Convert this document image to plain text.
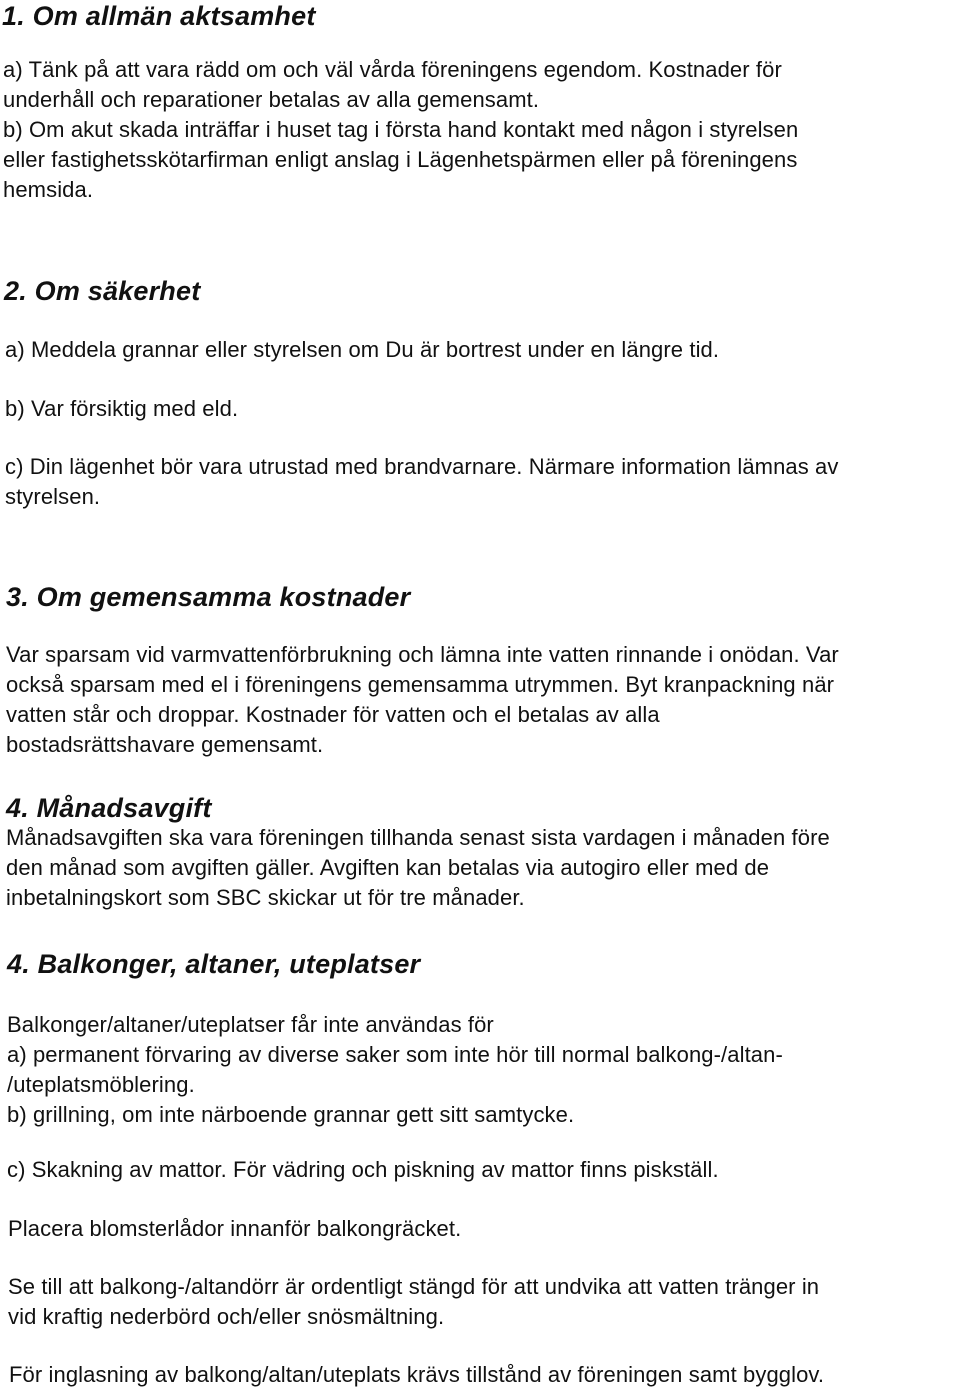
1. Om allmän aktsamhet

a) Tänk på att vara rädd om och väl vårda föreningens egendom. Kostnader för
underhåll och reparationer betalas av alla gemensamt.
b) Om akut skada inträffar i huset tag i första hand kontakt med någon i styrelsen
eller fastighetsskötarfirman enligt anslag i Lägenhetspärmen eller på föreningens
hemsida.

2. Om säkerhet

a) Meddela grannar eller styrelsen om Du är bortrest under en längre tid.

b) Var försiktig med eld.

c) Din lägenhet bör vara utrustad med brandvarnare. Närmare information lämnas av
styrelsen.

3. Om gemensamma kostnader

Var sparsam vid varmvattenförbrukning och lämna inte vatten rinnande i onödan. Var
också sparsam med el i föreningens gemensamma utrymmen. Byt kranpackning när
vatten står och droppar. Kostnader för vatten och el betalas av alla
bostadsrättshavare gemensamt.

4. Månadsavgift

Månadsavgiften ska vara föreningen tillhanda senast sista vardagen i månaden före
den månad som avgiften gäller. Avgiften kan betalas via autogiro eller med de
inbetalningskort som SBC skickar ut för tre månader.

4. Balkonger, altaner, uteplatser

Balkonger/altaner/uteplatser får inte användas för
a) permanent förvaring av diverse saker som inte hör till normal balkong-/altan-
/uteplatsmöblering.
b) grillning, om inte närboende grannar gett sitt samtycke.

c) Skakning av mattor. För vädring och piskning av mattor finns piskställ.

Placera blomsterlådor innanför balkongräcket.

Se till att balkong-/altandörr är ordentligt stängd för att undvika att vatten tränger in
vid kraftig nederbörd och/eller snösmältning.

För inglasning av balkong/altan/uteplats krävs tillstånd av föreningen samt bygglov.
